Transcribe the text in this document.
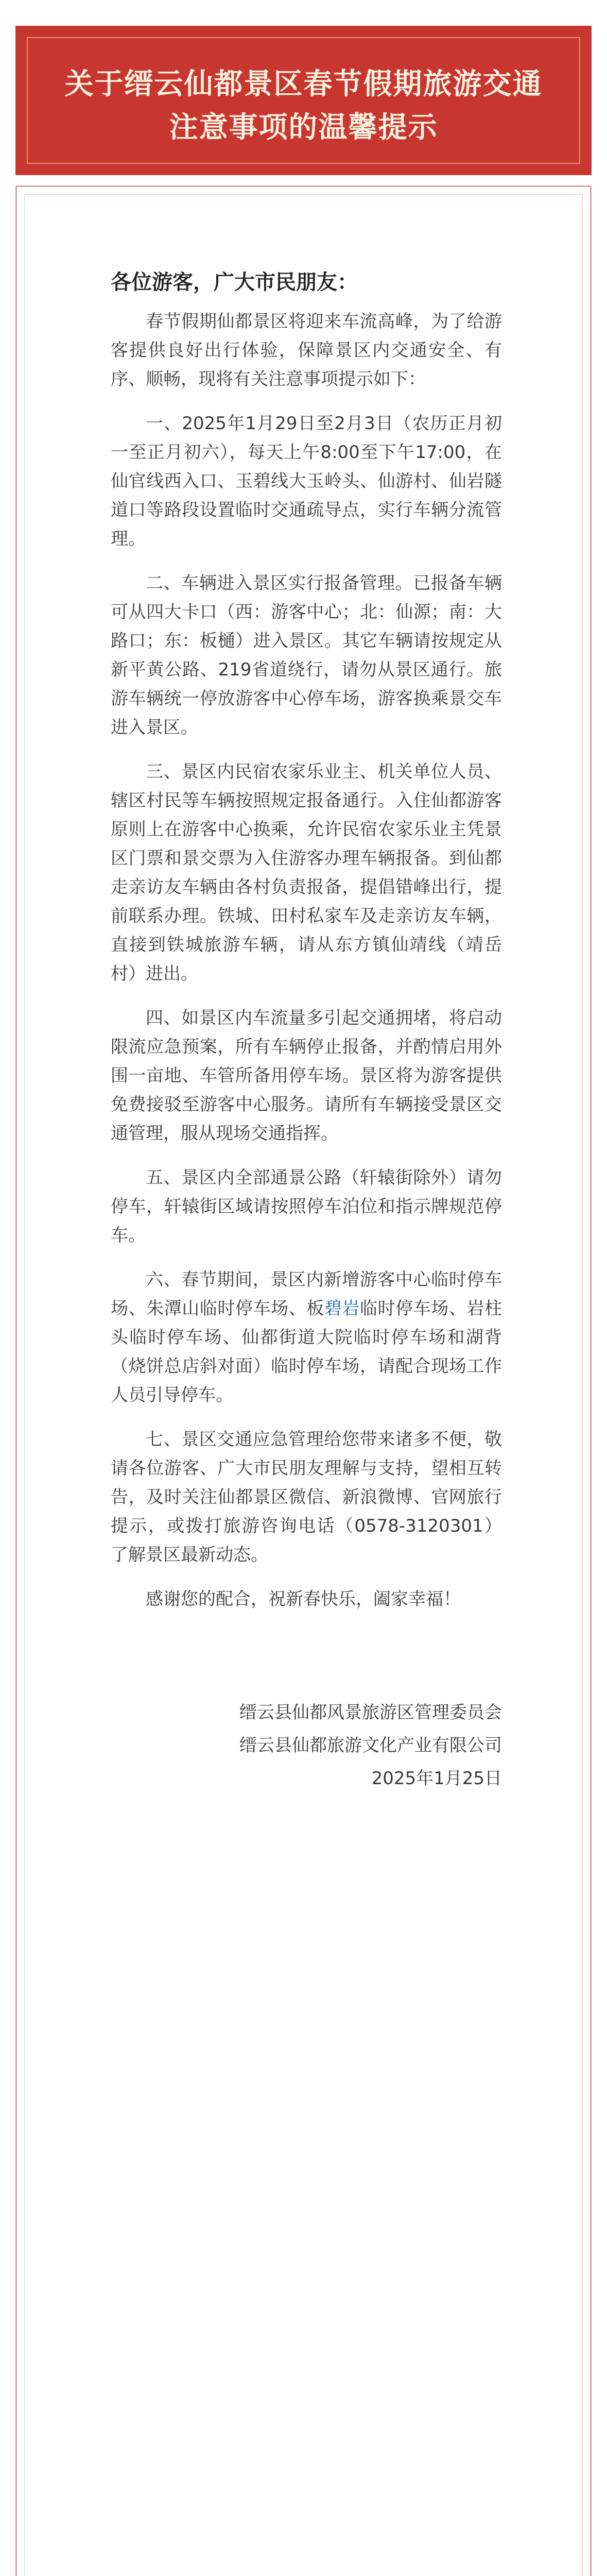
关于缙云仙都景区春节假期旅游交通注意事项的温馨提示

各位游客，广大市民朋友：

春节假期仙都景区将迎来车流高峰，为了给游客提供良好出行体验，保障景区内交通安全、有序、顺畅，现将有关注意事项提示如下：

一、2025年1月29日至2月3日（农历正月初一至正月初六），每天上午8:00至下午17:00，在仙官线西入口、玉碧线大玉岭头、仙游村、仙岩隧道口等路段设置临时交通疏导点，实行车辆分流管理。

二、车辆进入景区实行报备管理。已报备车辆可从四大卡口（西：游客中心；北：仙源；南：大路口；东：板樋）进入景区。其它车辆请按规定从新平黄公路、219省道绕行，请勿从景区通行。旅游车辆统一停放游客中心停车场，游客换乘景交车进入景区。

三、景区内民宿农家乐业主、机关单位人员、辖区村民等车辆按照规定报备通行。入住仙都游客原则上在游客中心换乘，允许民宿农家乐业主凭景区门票和景交票为入住游客办理车辆报备。到仙都走亲访友车辆由各村负责报备，提倡错峰出行，提前联系办理。铁城、田村私家车及走亲访友车辆，直接到铁城旅游车辆，请从东方镇仙靖线（靖岳村）进出。

四、如景区内车流量多引起交通拥堵，将启动限流应急预案，所有车辆停止报备，并酌情启用外围一亩地、车管所备用停车场。景区将为游客提供免费接驳至游客中心服务。请所有车辆接受景区交通管理，服从现场交通指挥。

五、景区内全部通景公路（轩辕街除外）请勿停车，轩辕街区域请按照停车泊位和指示牌规范停车。

六、春节期间，景区内新增游客中心临时停车场、朱潭山临时停车场、板碧岩临时停车场、岩柱头临时停车场、仙都街道大院临时停车场和湖背（烧饼总店斜对面）临时停车场，请配合现场工作人员引导停车。

七、景区交通应急管理给您带来诸多不便，敬请各位游客、广大市民朋友理解与支持，望相互转告，及时关注仙都景区微信、新浪微博、官网旅行提示，或拨打旅游咨询电话（0578-3120301）了解景区最新动态。

感谢您的配合，祝新春快乐，阖家幸福！

缙云县仙都风景旅游区管理委员会
缙云县仙都旅游文化产业有限公司
2025年1月25日
